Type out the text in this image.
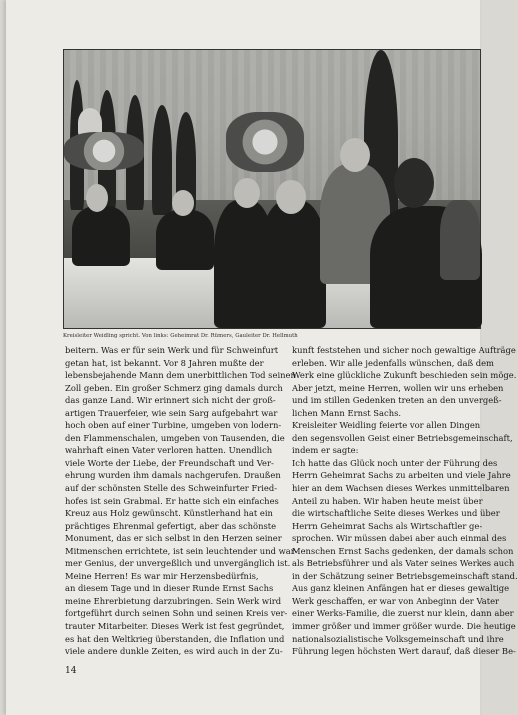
Kreisleiter Weidling spricht. Von links: Geheimrat Dr. Rümers, Gauleiter Dr. Hellmuth

beitern. Was er für sein Werk und für Schweinfurt

getan hat, ist bekannt. Vor 8 Jahren mußte der

lebensbejahende Mann dem unerbittlichen Tod seinen

Zoll geben. Ein großer Schmerz ging damals durch

das ganze Land. Wir erinnert sich nicht der groß-

artigen Trauerfeier, wie sein Sarg aufgebahrt war

hoch oben auf einer Turbine, umgeben von lodern-

den Flammenschalen, umgeben von Tausenden, die

wahrhaft einen Vater verloren hatten. Unendlich

viele Worte der Liebe, der Freundschaft und Ver-

ehrung wurden ihm damals nachgerufen. Draußen

auf der schönsten Stelle des Schweinfurter Fried-

hofes ist sein Grabmal. Er hatte sich ein einfaches

Kreuz aus Holz gewünscht. Künstlerhand hat ein

prächtiges Ehrenmal gefertigt, aber das schönste

Monument, das er sich selbst in den Herzen seiner

Mitmenschen errichtete, ist sein leuchtender und war-

mer Genius, der unvergeßlich und unvergänglich ist.

Meine Herren! Es war mir Herzensbedürfnis,

an diesem Tage und in dieser Runde Ernst Sachs

meine Ehrerbietung darzubringen. Sein Werk wird

fortgeführt durch seinen Sohn und seinen Kreis ver-

trauter Mitarbeiter. Dieses Werk ist fest gegründet,

es hat den Weltkrieg überstanden, die Inflation und

viele andere dunkle Zeiten, es wird auch in der Zu-

kunft feststehen und sicher noch gewaltige Aufträge

erleben. Wir alle jedenfalls wünschen, daß dem

Werk eine glückliche Zukunft beschieden sein möge.

Aber jetzt, meine Herren, wollen wir uns erheben

und im stillen Gedenken treten an den unvergeß-

lichen Mann Ernst Sachs.

Kreisleiter Weidling feierte vor allen Dingen

den segensvollen Geist einer Betriebsgemeinschaft,

indem er sagte:

Ich hatte das Glück noch unter der Führung des

Herrn Geheimrat Sachs zu arbeiten und viele Jahre

hier an dem Wachsen dieses Werkes unmittelbaren

Anteil zu haben. Wir haben heute meist über

die wirtschaftliche Seite dieses Werkes und über

Herrn Geheimrat Sachs als Wirtschaftler ge-

sprochen. Wir müssen dabei aber auch einmal des

Menschen Ernst Sachs gedenken, der damals schon

als Betriebsführer und als Vater seines Werkes auch

in der Schätzung seiner Betriebsgemeinschaft stand.

Aus ganz kleinen Anfängen hat er dieses gewaltige

Werk geschaffen, er war von Anbeginn der Vater

einer Werks-Familie, die zuerst nur klein, dann aber

immer größer und immer größer wurde. Die heutige

nationalsozialistische Volksgemeinschaft und ihre

Führung legen höchsten Wert darauf, daß dieser Be-

14
